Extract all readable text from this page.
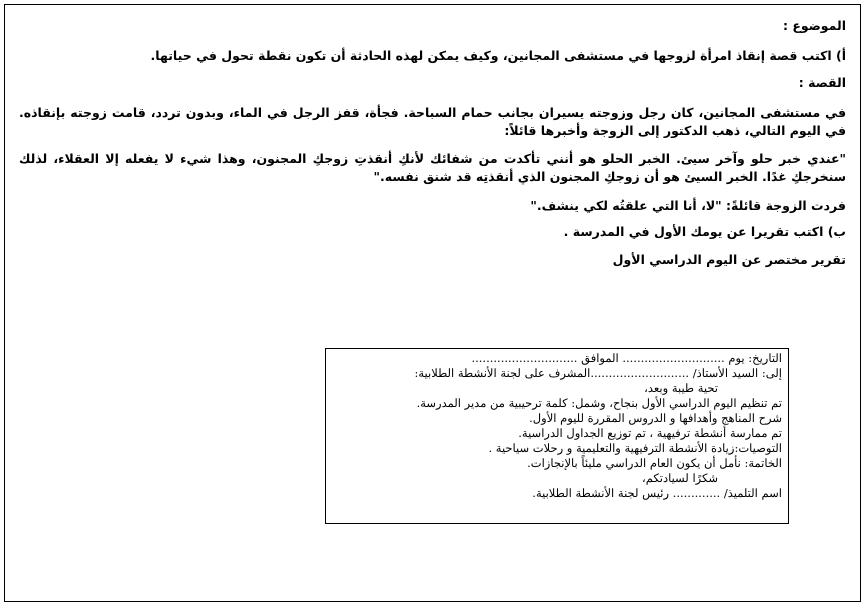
الموضوع :

أ) اكتب قصة إنقاذ امرأة لزوجها في مستشفى المجانين، وكيف يمكن لهذه الحادثة أن تكون نقطة تحول في حياتها.

القصة :

في مستشفى المجانين، كان رجل وزوجته يسيران بجانب حمام السباحة. فجأة، قفز الرجل في الماء، وبدون تردد، قامت زوجته بإنقاذه. في اليوم التالي، ذهب الدكتور إلى الزوجة وأخبرها قائلاً:

"عندي خبر حلو وآخر سيئ. الخبر الحلو هو أنني تأكدت من شفائك لأنكِ أنقذتِ زوجكِ المجنون، وهذا شيء لا يفعله إلا العقلاء، لذلك سنخرجكِ غدًا. الخبر السيئ هو أن زوجكِ المجنون الذي أنقذتِه قد شنق نفسه."

فردت الزوجة قائلةً: "لا، أنا التي علقتُه لكي ينشف."

ب) اكتب تقريرا عن يومك الأول في المدرسة .

تقرير مختصر عن اليوم الدراسي الأول

التاريخ: يوم ............................ الموافق .............................

إلى: السيد الأستاذ/ ...........................المشرف على لجنة الأنشطة الطلابية:

تحية طيبة وبعد،

تم تنظيم اليوم الدراسي الأول بنجاح، وشمل: كلمة ترحيبية من مدير المدرسة.

شرح المناهج وأهدافها و الدروس المقررة لليوم الأول.

تم ممارسة أنشطة ترفيهية ، تم توزيع الجداول الدراسية.

التوصيات:زيادة الأنشطة الترفيهية والتعليمية و رحلات سياحية .

الخاتمة: نأمل أن يكون العام الدراسي مليئاً بالإنجازات.

شكرًا لسيادتكم،

اسم التلميذ/ ............. رئيس لجنة الأنشطة الطلابية.
